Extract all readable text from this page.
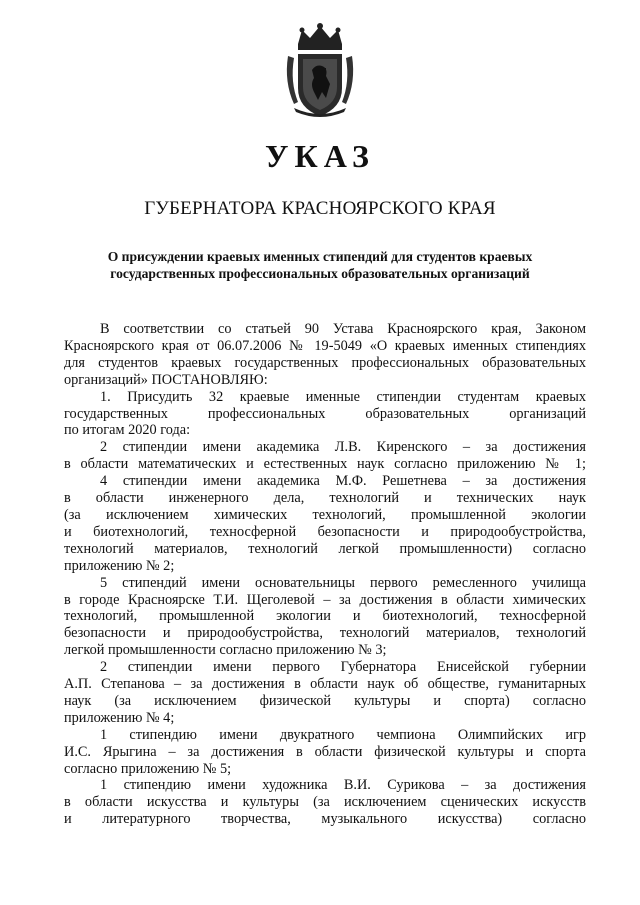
УКАЗ
ГУБЕРНАТОРА КРАСНОЯРСКОГО КРАЯ
О присуждении краевых именных стипендий для студентов краевых
государственных профессиональных образовательных организаций
В соответствии со статьей 90 Устава Красноярского края, Законом
Красноярского края от 06.07.2006 № 19-5049 «О краевых именных стипендиях
для студентов краевых государственных профессиональных образовательных
организаций» ПОСТАНОВЛЯЮ:
1. Присудить 32 краевые именные стипендии студентам краевых
государственных профессиональных образовательных организаций
по итогам 2020 года:
2 стипендии имени академика Л.В. Киренского – за достижения
в области математических и естественных наук согласно приложению № 1;
4 стипендии имени академика М.Ф. Решетнева – за достижения
в области инженерного дела, технологий и технических наук
(за исключением химических технологий, промышленной экологии
и биотехнологий, техносферной безопасности и природообустройства,
технологий материалов, технологий легкой промышленности) согласно
приложению № 2;
5 стипендий имени основательницы первого ремесленного училища
в городе Красноярске Т.И. Щеголевой – за достижения в области химических
технологий, промышленной экологии и биотехнологий, техносферной
безопасности и природообустройства, технологий материалов, технологий
легкой промышленности согласно приложению № 3;
2 стипендии имени первого Губернатора Енисейской губернии
А.П. Степанова – за достижения в области наук об обществе, гуманитарных
наук (за исключением физической культуры и спорта) согласно
приложению № 4;
1 стипендию имени двукратного чемпиона Олимпийских игр
И.С. Ярыгина – за достижения в области физической культуры и спорта
согласно приложению № 5;
1 стипендию имени художника В.И. Сурикова – за достижения
в области искусства и культуры (за исключением сценических искусств
и литературного творчества, музыкального искусства) согласно
